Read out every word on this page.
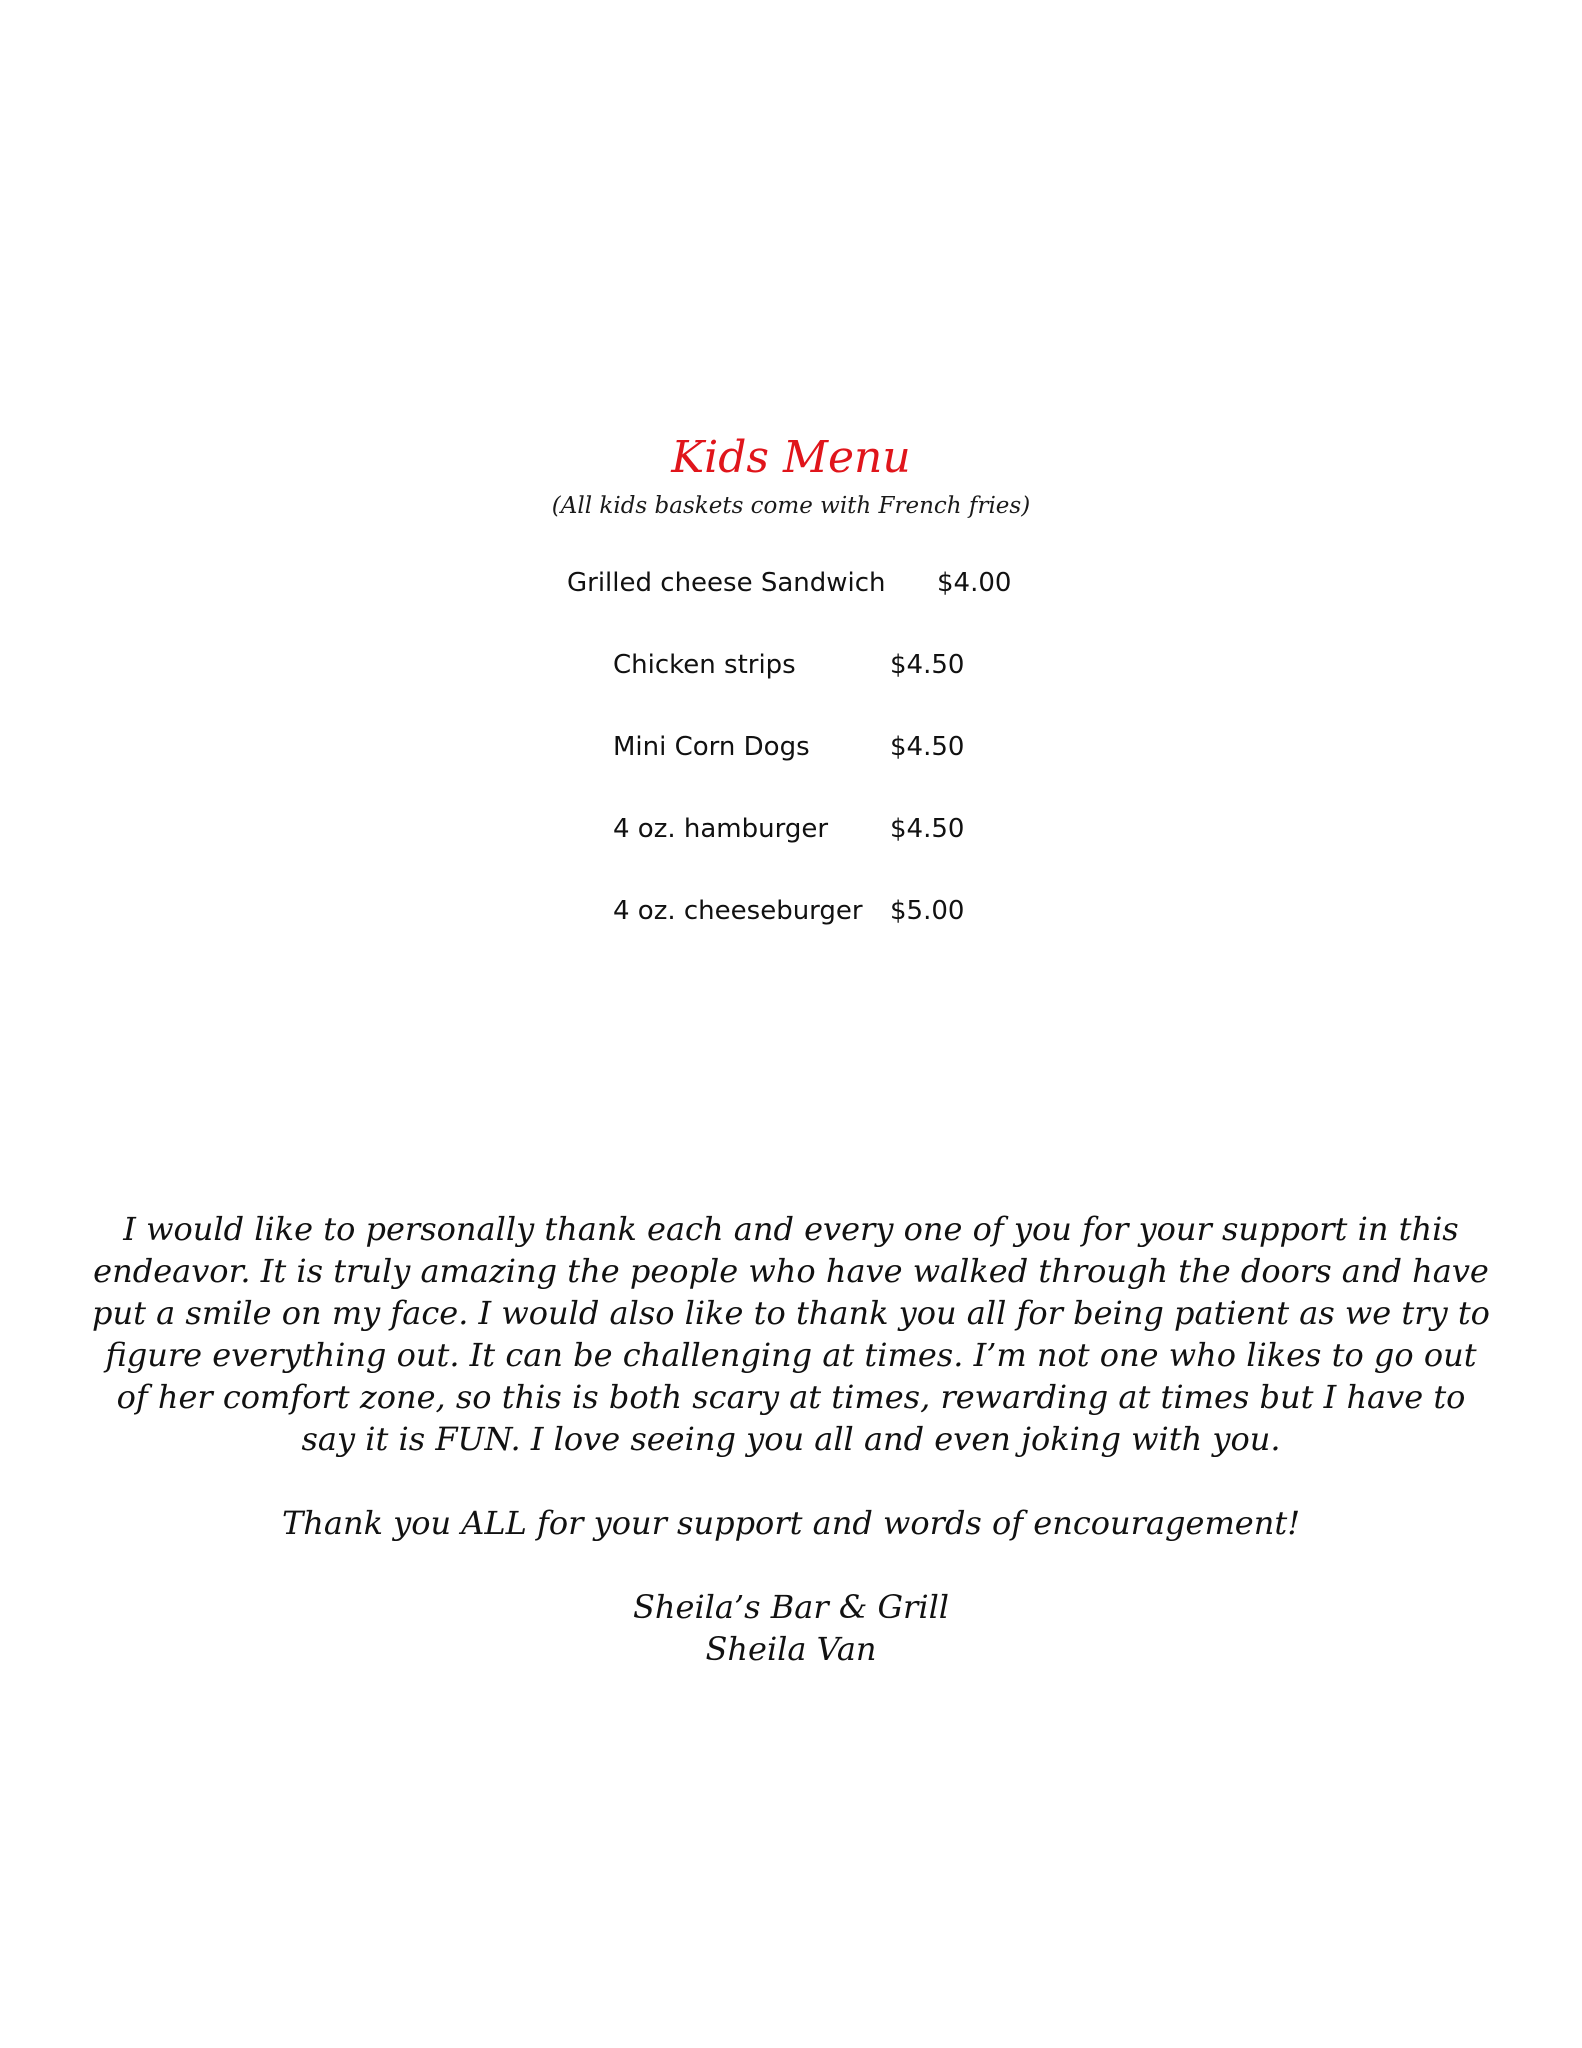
Kids Menu
(All kids baskets come with French fries)
Grilled cheese Sandwich $4.00
Chicken strips	$4.50
Mini Corn Dogs	$4.50
4 oz. hamburger $4.50
4 oz. cheeseburger $5.00

I would like to personally thank each and every one of you for your support in this endeavor. It is truly amazing the people who have walked through the doors and have put a smile on my face. I would also like to thank you all for being patient as we try to figure everything out. It can be challenging at times. I’m not one who likes to go out of her comfort zone, so this is both scary at times, rewarding at times but I have to say it is FUN. I love seeing you all and even joking with you.

Thank you ALL for your support and words of encouragement!
Sheila’s Bar & Grill
Sheila Van
